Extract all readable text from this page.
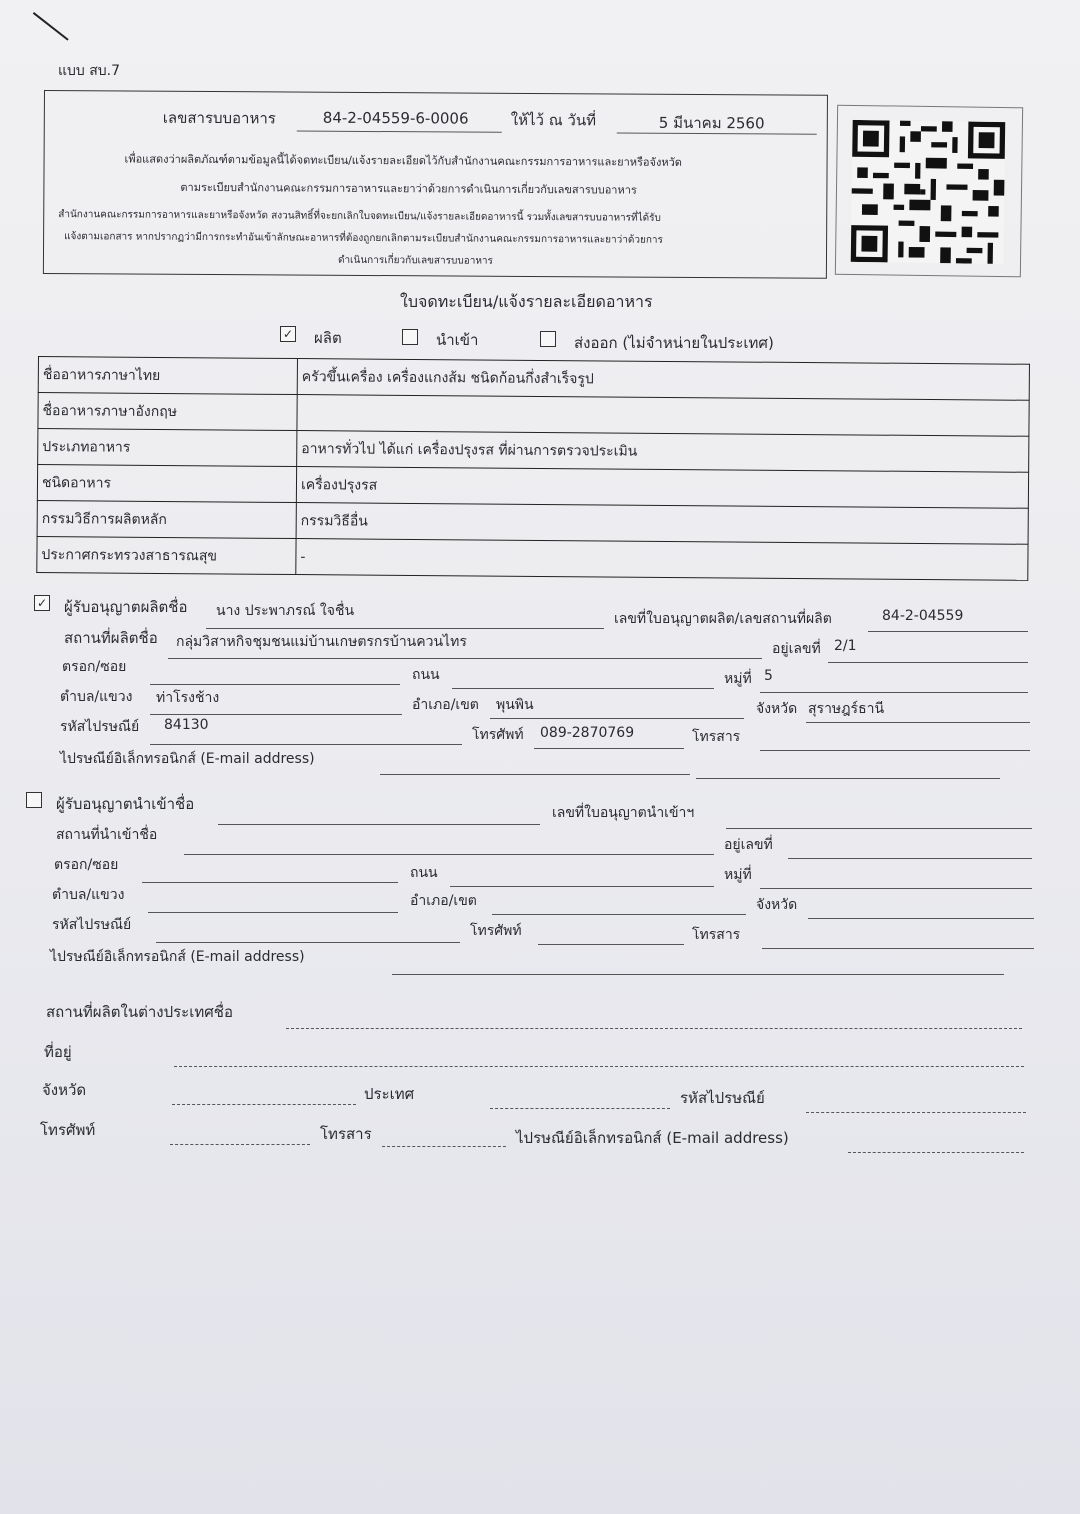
แบบ สบ.7
เลขสารบบอาหาร	84-2-04559-6-0006	ให้ไว้ ณ วันที่	5 มีนาคม 2560
เพื่อแสดงว่าผลิตภัณฑ์ตามข้อมูลนี้ได้จดทะเบียน/แจ้งรายละเอียดไว้กับสำนักงานคณะกรรมการอาหารและยาหรือจังหวัด
ตามระเบียบสำนักงานคณะกรรมการอาหารและยาว่าด้วยการดำเนินการเกี่ยวกับเลขสารบบอาหาร
สำนักงานคณะกรรมการอาหารและยาหรือจังหวัด สงวนสิทธิ์ที่จะยกเลิกใบจดทะเบียน/แจ้งรายละเอียดอาหารนี้ รวมทั้งเลขสารบบอาหารที่ได้รับ
แจ้งตามเอกสาร หากปรากฏว่ามีการกระทำอันเข้าลักษณะอาหารที่ต้องถูกยกเลิกตามระเบียบสำนักงานคณะกรรมการอาหารและยาว่าด้วยการ
ดำเนินการเกี่ยวกับเลขสารบบอาหาร
ใบจดทะเบียน/แจ้งรายละเอียดอาหาร
✓ ผลิต	นำเข้า	ส่งออก (ไม่จำหน่ายในประเทศ)
ชื่ออาหารภาษาไทย	ครัวขึ้นเครื่อง เครื่องแกงส้ม ชนิดก้อนกึ่งสำเร็จรูป
ชื่ออาหารภาษาอังกฤษ	
ประเภทอาหาร	อาหารทั่วไป ได้แก่ เครื่องปรุงรส ที่ผ่านการตรวจประเมิน
ชนิดอาหาร	เครื่องปรุงรส
กรรมวิธีการผลิตหลัก	กรรมวิธีอื่น
ประกาศกระทรวงสาธารณสุข	-
✓ ผู้รับอนุญาตผลิตชื่อ นาง ประพาภรณ์ ใจชื่น	เลขที่ใบอนุญาตผลิต/เลขสถานที่ผลิต	84-2-04559
สถานที่ผลิตชื่อ กลุ่มวิสาหกิจชุมชนแม่บ้านเกษตรกรบ้านควนไทร	อยู่เลขที่ 2/1
ตรอก/ซอย	ถนน	หมู่ที่ 5
ตำบล/แขวง ท่าโรงช้าง	อำเภอ/เขต พุนพิน	จังหวัด สุราษฎร์ธานี
รหัสไปรษณีย์ 84130
โทรศัพท์ 089-2870769	โทรสาร
ไปรษณีย์อิเล็กทรอนิกส์ (E-mail address)
ผู้รับอนุญาตนำเข้าชื่อ	เลขที่ใบอนุญาตนำเข้าฯ
สถานที่นำเข้าชื่อ
อยู่เลขที่
ตรอก/ซอย	ถนน	หมู่ที่
ตำบล/แขวง	อำเภอ/เขต	จังหวัด
รหัสไปรษณีย์	โทรศัพท์	โทรสาร
ไปรษณีย์อิเล็กทรอนิกส์ (E-mail address)
สถานที่ผลิตในต่างประเทศชื่อ
ที่อยู่
จังหวัด	ประเทศ	รหัสไปรษณีย์
โทรศัพท์	โทรสาร	ไปรษณีย์อิเล็กทรอนิกส์ (E-mail address)
